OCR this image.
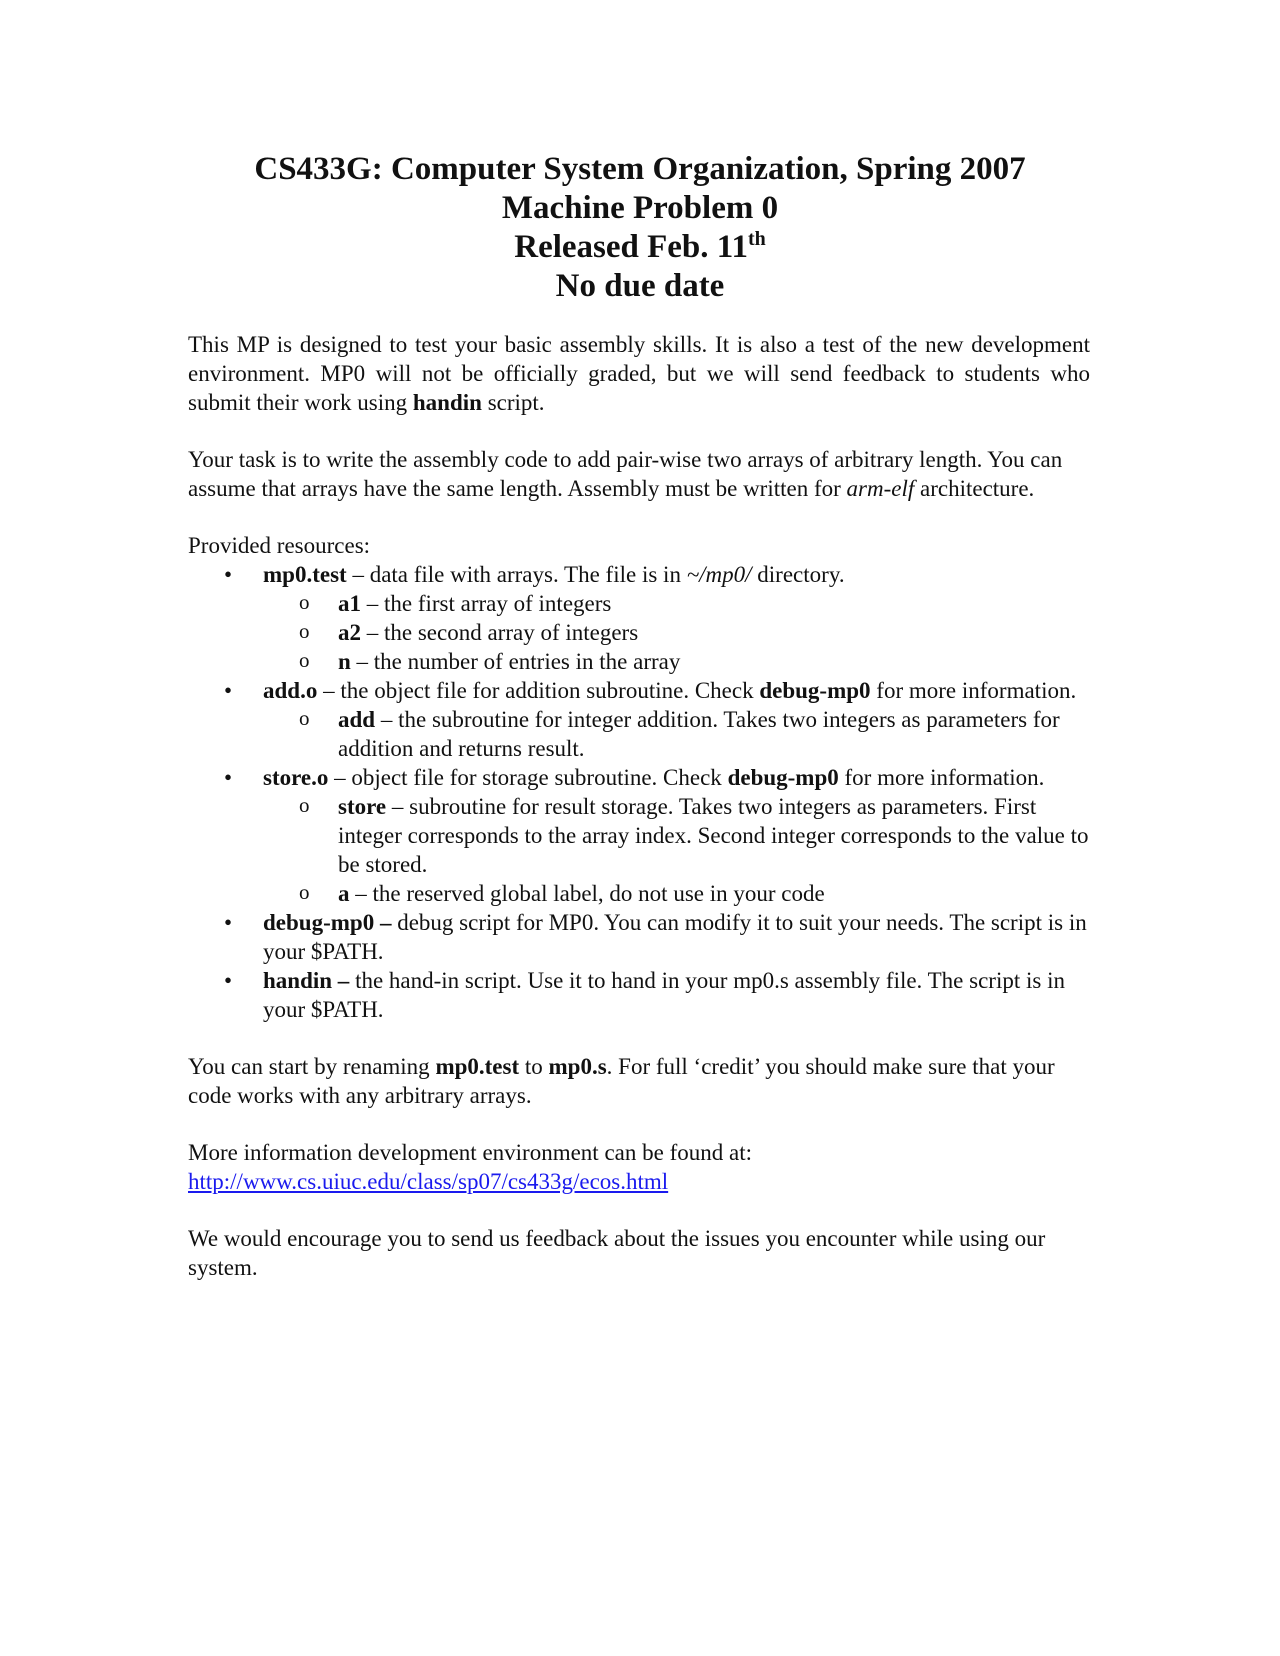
CS433G: Computer System Organization, Spring 2007
Machine Problem 0
Released Feb. 11th
No due date

This MP is designed to test your basic assembly skills. It is also a test of the new development environment. MP0 will not be officially graded, but we will send feedback to students who submit their work using handin script.

Your task is to write the assembly code to add pair-wise two arrays of arbitrary length. You can assume that arrays have the same length. Assembly must be written for arm-elf architecture.

Provided resources:
• mp0.test – data file with arrays. The file is in ~/mp0/ directory.
o a1 – the first array of integers
o a2 – the second array of integers
o n – the number of entries in the array
• add.o – the object file for addition subroutine. Check debug-mp0 for more information.
o add – the subroutine for integer addition. Takes two integers as parameters for addition and returns result.
• store.o – object file for storage subroutine. Check debug-mp0 for more information.
o store – subroutine for result storage. Takes two integers as parameters. First integer corresponds to the array index. Second integer corresponds to the value to be stored.
o a – the reserved global label, do not use in your code
• debug-mp0 – debug script for MP0. You can modify it to suit your needs. The script is in your $PATH.
• handin – the hand-in script. Use it to hand in your mp0.s assembly file. The script is in your $PATH.

You can start by renaming mp0.test to mp0.s. For full ‘credit’ you should make sure that your code works with any arbitrary arrays.

More information development environment can be found at:
http://www.cs.uiuc.edu/class/sp07/cs433g/ecos.html

We would encourage you to send us feedback about the issues you encounter while using our system.
